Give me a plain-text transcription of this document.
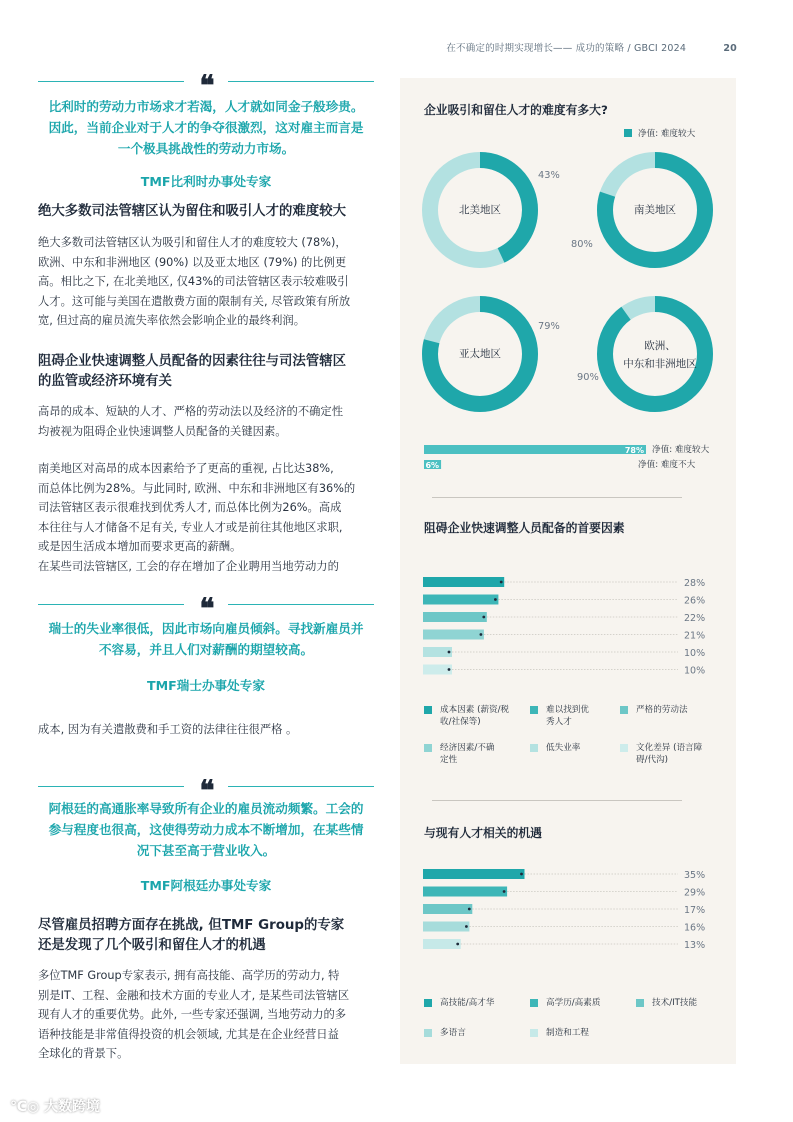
在不确定的时期实现增长—— 成功的策略 / GBCI 2024	20
❝
比利时的劳动力市场求才若渴，人才就如同金子般珍贵。
因此，当前企业对于人才的争夺很激烈，这对雇主而言是
一个极具挑战性的劳动力市场。
TMF比利时办事处专家
绝大多数司法管辖区认为留住和吸引人才的难度较大
绝大多数司法管辖区认为吸引和留住人才的难度较大 (78%)，
欧洲、中东和非洲地区 (90%) 以及亚太地区 (79%) 的比例更
高。相比之下, 在北美地区, 仅43%的司法管辖区表示较难吸引
人才。这可能与美国在遣散费方面的限制有关, 尽管政策有所放
宽, 但过高的雇员流失率依然会影响企业的最终利润。
阻碍企业快速调整人员配备的因素往往与司法管辖区
的监管或经济环境有关
高昂的成本、短缺的人才、严格的劳动法以及经济的不确定性
均被视为阻碍企业快速调整人员配备的关键因素。
南美地区对高昂的成本因素给予了更高的重视, 占比达38%,
而总体比例为28%。与此同时, 欧洲、中东和非洲地区有36%的
司法管辖区表示很难找到优秀人才, 而总体比例为26%。高成
本往往与人才储备不足有关, 专业人才或是前往其他地区求职,
或是因生活成本增加而要求更高的薪酬。
在某些司法管辖区, 工会的存在增加了企业聘用当地劳动力的
❝
瑞士的失业率很低，因此市场向雇员倾斜。寻找新雇员并
不容易，并且人们对薪酬的期望较高。
TMF瑞士办事处专家
成本, 因为有关遣散费和手工资的法律往往很严格 。
❝
阿根廷的高通胀率导致所有企业的雇员流动频繁。工会的
参与程度也很高，这使得劳动力成本不断增加，在某些情
况下甚至高于营业收入。
TMF阿根廷办事处专家
尽管雇员招聘方面存在挑战, 但TMF Group的专家
还是发现了几个吸引和留住人才的机遇
多位TMF Group专家表示, 拥有高技能、高学历的劳动力, 特
别是IT、工程、金融和技术方面的专业人才, 是某些司法管辖区
现有人才的重要优势。此外, 一些专家还强调, 当地劳动力的多
语种技能是非常值得投资的机会领域, 尤其是在企业经营日益
全球化的背景下。
企业吸引和留住人才的难度有多大?
净值: 难度较大
北美地区	南美地区
亚太地区
欧洲、
中东和非洲地区
43%
80%
79%
90%
78%
6%
净值: 难度较大
净值: 难度不大
阻碍企业快速调整人员配备的首要因素
28%
26%
22%
21%
10%
10%
成本因素 (薪资/税
收/社保等)
难以找到优
秀人才
严格的劳动法
经济因素/不确
定性
低失业率	文化差异 (语言障
碍/代沟)
与现有人才相关的机遇
35%
29%
17%
16%
13%
高技能/高才华	高学历/高素质	技术/IT技能
多语言	制造和工程
℃◎ 大数跨境
